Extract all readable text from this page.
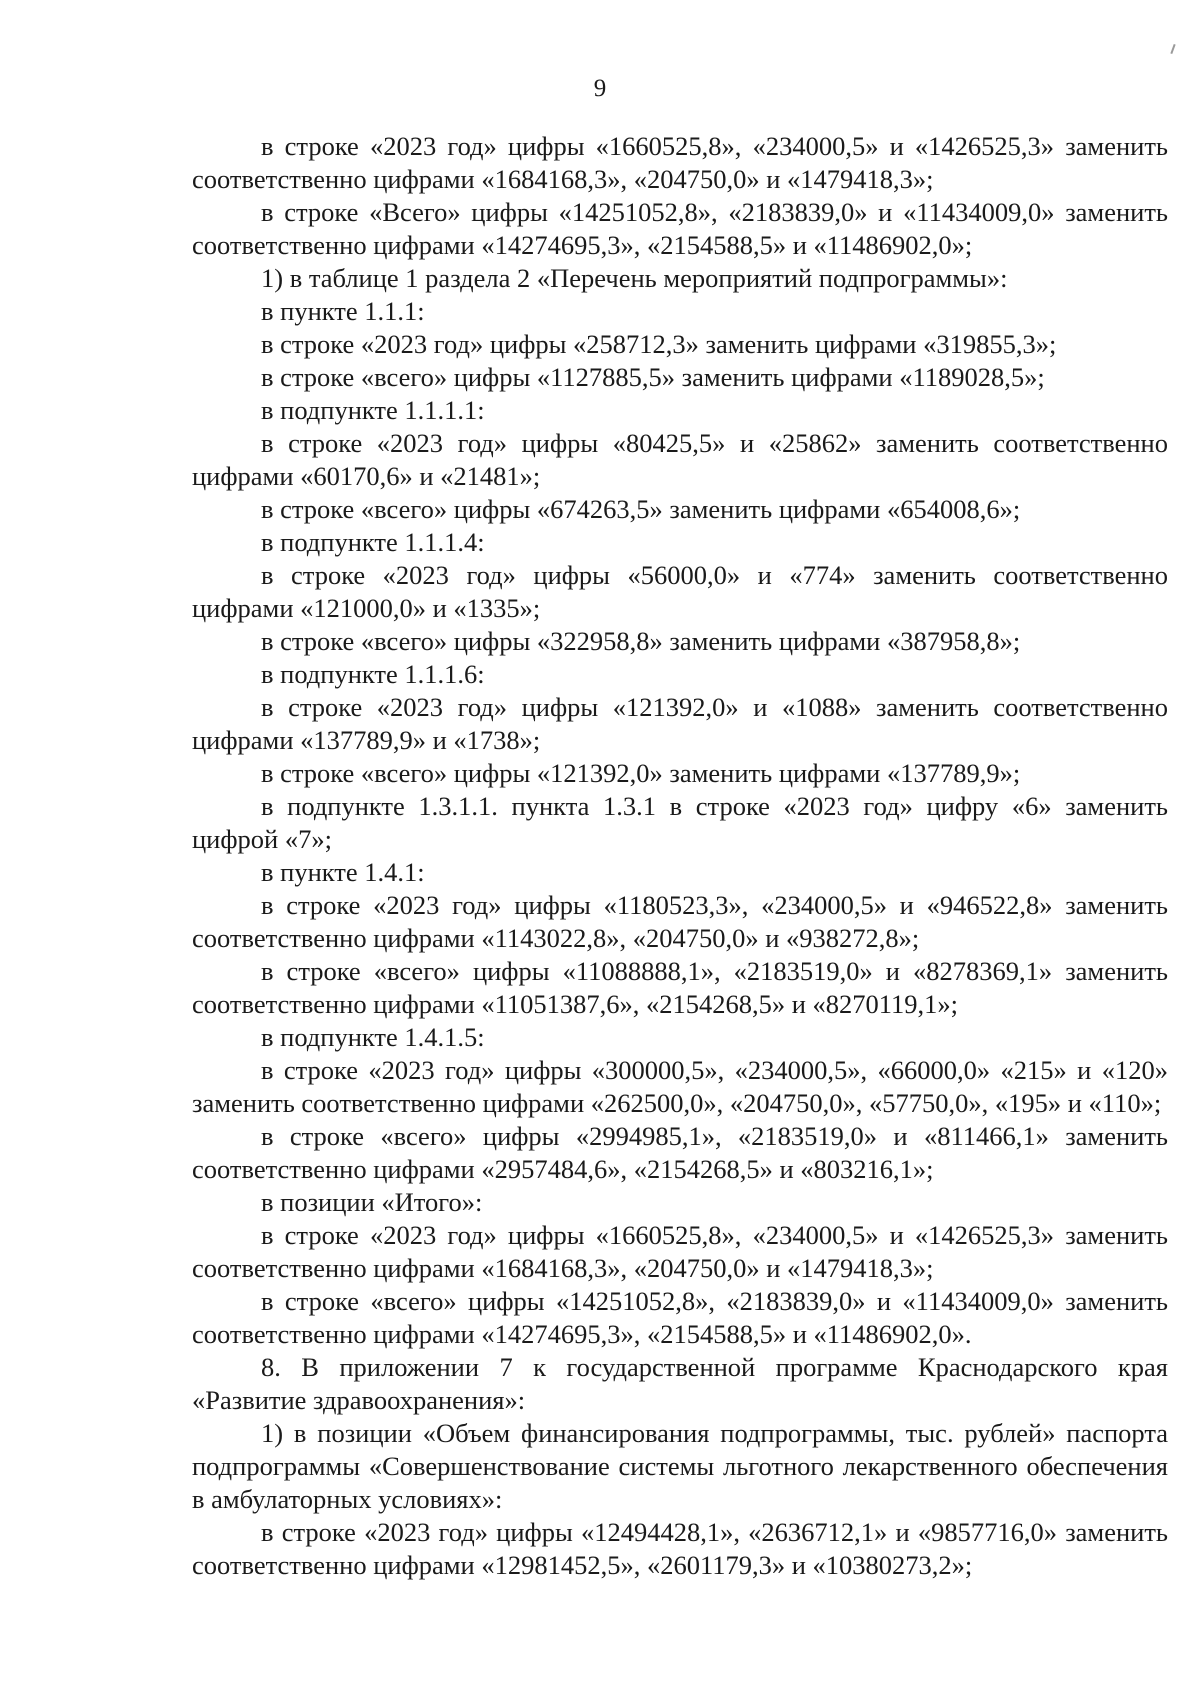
9

в строке «2023 год» цифры «1660525,8», «234000,5» и «1426525,3» заменить соответственно цифрами «1684168,3», «204750,0» и «1479418,3»;

в строке «Всего» цифры «14251052,8», «2183839,0» и «11434009,0» заменить соответственно цифрами «14274695,3», «2154588,5» и «11486902,0»;

1) в таблице 1 раздела 2 «Перечень мероприятий подпрограммы»:

в пункте 1.1.1:

в строке «2023 год» цифры «258712,3» заменить цифрами «319855,3»;

в строке «всего» цифры «1127885,5» заменить цифрами «1189028,5»;

в подпункте 1.1.1.1:

в строке «2023 год» цифры «80425,5» и «25862» заменить соответственно цифрами «60170,6» и «21481»;

в строке «всего» цифры «674263,5» заменить цифрами «654008,6»;

в подпункте 1.1.1.4:

в строке «2023 год» цифры «56000,0» и «774» заменить соответственно цифрами «121000,0» и «1335»;

в строке «всего» цифры «322958,8» заменить цифрами «387958,8»;

в подпункте 1.1.1.6:

в строке «2023 год» цифры «121392,0» и «1088» заменить соответственно цифрами «137789,9» и «1738»;

в строке «всего» цифры «121392,0» заменить цифрами «137789,9»;

в подпункте 1.3.1.1. пункта 1.3.1 в строке «2023 год» цифру «6» заменить цифрой «7»;

в пункте 1.4.1:

в строке «2023 год» цифры «1180523,3», «234000,5» и «946522,8» заменить соответственно цифрами «1143022,8», «204750,0» и «938272,8»;

в строке «всего» цифры «11088888,1», «2183519,0» и «8278369,1» заменить соответственно цифрами «11051387,6», «2154268,5» и «8270119,1»;

в подпункте 1.4.1.5:

в строке «2023 год» цифры «300000,5», «234000,5», «66000,0» «215» и «120» заменить соответственно цифрами «262500,0», «204750,0», «57750,0», «195» и «110»;

в строке «всего» цифры «2994985,1», «2183519,0» и «811466,1» заменить соответственно цифрами «2957484,6», «2154268,5» и «803216,1»;

в позиции «Итого»:

в строке «2023 год» цифры «1660525,8», «234000,5» и «1426525,3» заменить соответственно цифрами «1684168,3», «204750,0» и «1479418,3»;

в строке «всего» цифры «14251052,8», «2183839,0» и «11434009,0» заменить соответственно цифрами «14274695,3», «2154588,5» и «11486902,0».

8. В приложении 7 к государственной программе Краснодарского края «Развитие здравоохранения»:

1) в позиции «Объем финансирования подпрограммы, тыс. рублей» паспорта подпрограммы «Совершенствование системы льготного лекарственного обеспечения в амбулаторных условиях»:

в строке «2023 год» цифры «12494428,1», «2636712,1» и «9857716,0» заменить соответственно цифрами «12981452,5», «2601179,3» и «10380273,2»;
